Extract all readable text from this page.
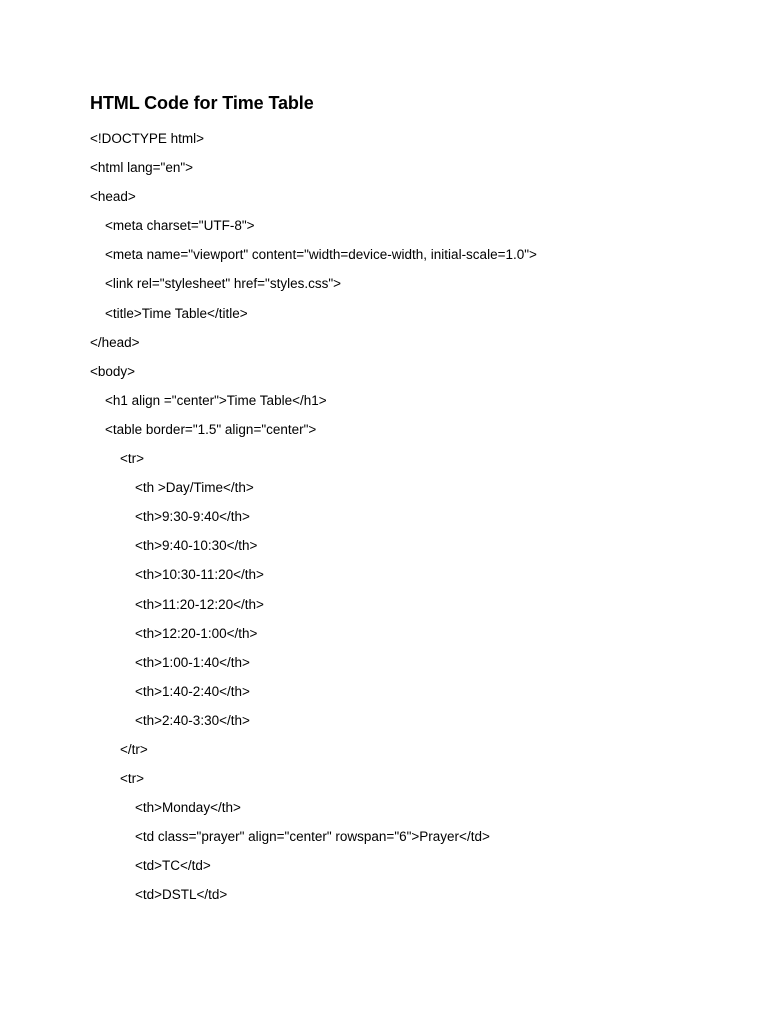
HTML Code for Time Table
<!DOCTYPE html>
<html lang="en">
<head>
<meta charset="UTF-8">
<meta name="viewport" content="width=device-width, initial-scale=1.0">
<link rel="stylesheet" href="styles.css">
<title>Time Table</title>
</head>
<body>
<h1 align ="center">Time Table</h1>
<table border="1.5" align="center">
<tr>
<th >Day/Time</th>
<th>9:30-9:40</th>
<th>9:40-10:30</th>
<th>10:30-11:20</th>
<th>11:20-12:20</th>
<th>12:20-1:00</th>
<th>1:00-1:40</th>
<th>1:40-2:40</th>
<th>2:40-3:30</th>
</tr>
<tr>
<th>Monday</th>
<td class="prayer" align="center" rowspan="6">Prayer</td>
<td>TC</td>
<td>DSTL</td>
